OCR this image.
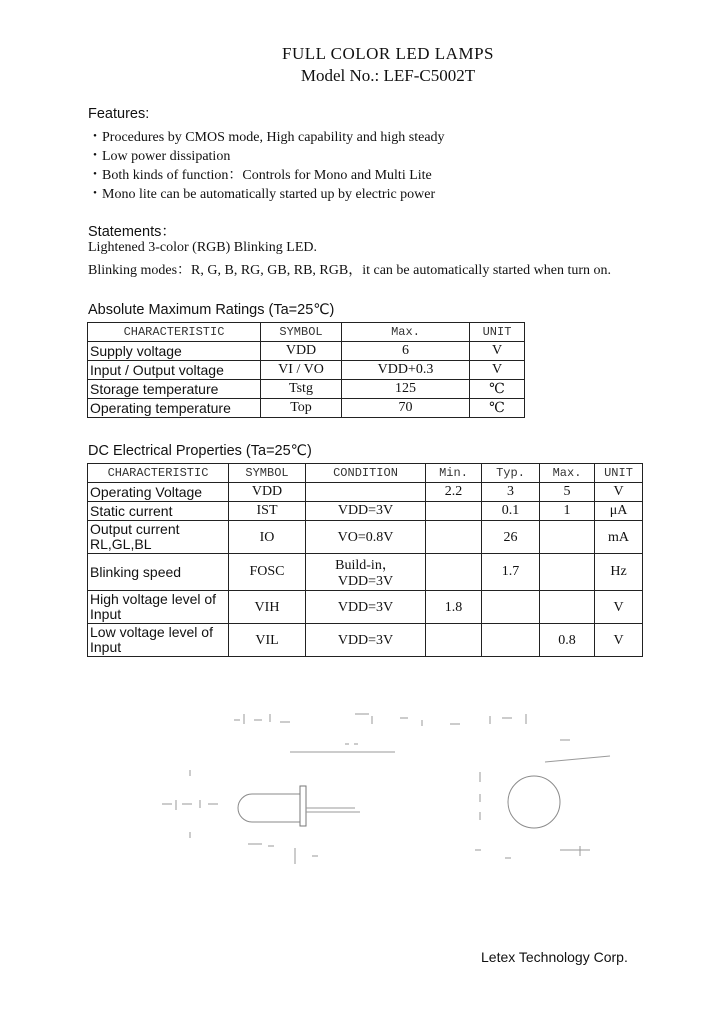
FULL COLOR LED LAMPS
Model No.: LEF-C5002T
Features:
・Procedures by CMOS mode, High capability and high steady
・Low power dissipation
・Both kinds of function：Controls for Mono and Multi Lite
・Mono lite can be automatically started up by electric power
Statements：
Lightened 3-color (RGB) Blinking LED.
Blinking modes：R, G, B, RG, GB, RB, RGB，it can be automatically started when turn on.
Absolute Maximum Ratings (Ta=25℃)
CHARACTERISTIC	SYMBOL	Max.	UNIT
Supply voltage	VDD	6	V
Input / Output voltage	VI / VO	VDD+0.3	V
Storage temperature	Tstg	125	℃
Operating temperature	Top	70	℃
DC Electrical Properties (Ta=25℃)
CHARACTERISTIC	SYMBOL	CONDITION	Min.	Typ.	Max.	UNIT
Operating Voltage	VDD		2.2	3	5	V
Static current	IST	VDD=3V		0.1	1	μA
Output current RL,GL,BL	IO	VO=0.8V		26		mA
Blinking speed	FOSC	Build-in，VDD=3V		1.7		Hz
High voltage level of Input	VIH	VDD=3V	1.8			V
Low voltage level of Input	VIL	VDD=3V			0.8	V
Letex Technology Corp.
